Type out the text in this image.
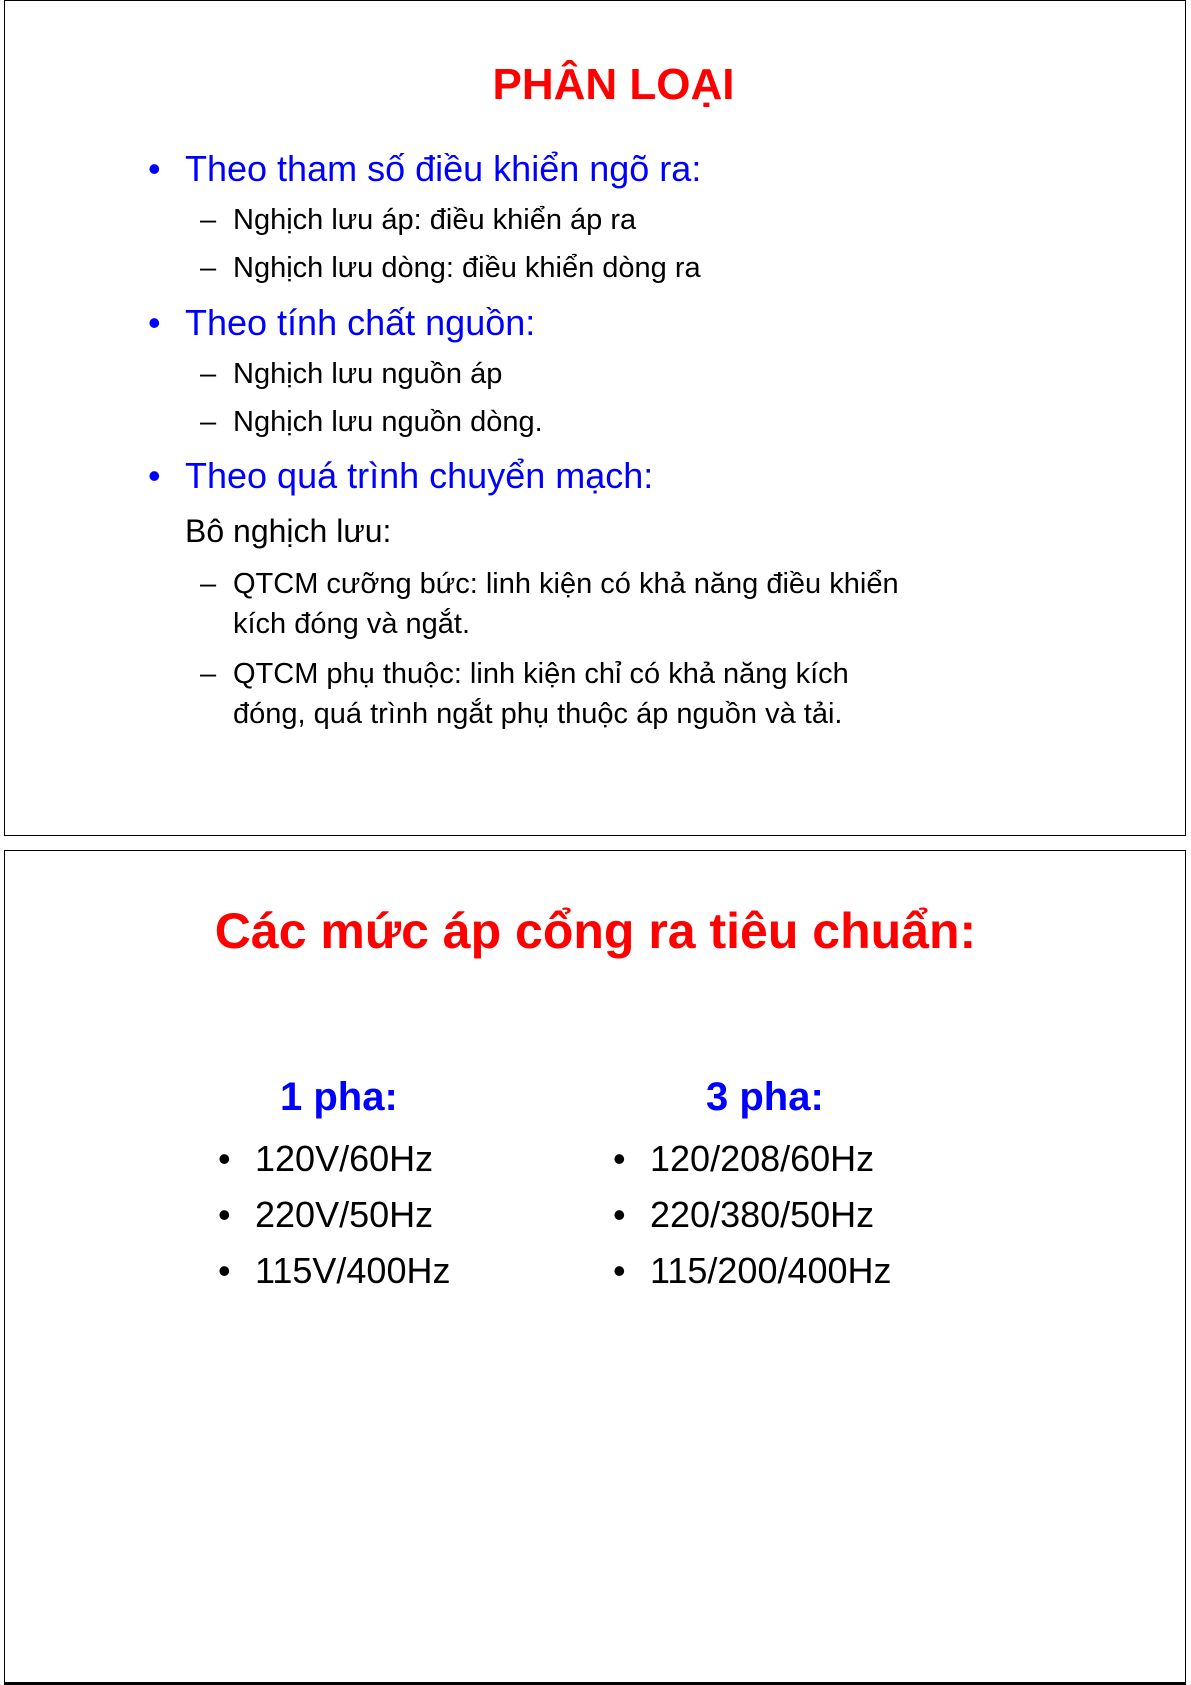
PHÂN LOẠI
• Theo tham số điều khiển ngõ ra:
– Nghịch lưu áp: điều khiển áp ra
– Nghịch lưu dòng: điều khiển dòng ra
• Theo tính chất nguồn:
– Nghịch lưu nguồn áp
– Nghịch lưu nguồn dòng.
• Theo quá trình chuyển mạch:
Bô nghịch lưu:
– QTCM cưỡng bức: linh kiện có khả năng điều khiển
kích đóng và ngắt.
– QTCM phụ thuộc: linh kiện chỉ có khả năng kích
đóng, quá trình ngắt phụ thuộc áp nguồn và tải.
Các mức áp cổng ra tiêu chuẩn:
1 pha:	3 pha:
• 120V/60Hz
• 220V/50Hz
• 115V/400Hz
• 120/208/60Hz
• 220/380/50Hz
• 115/200/400Hz
